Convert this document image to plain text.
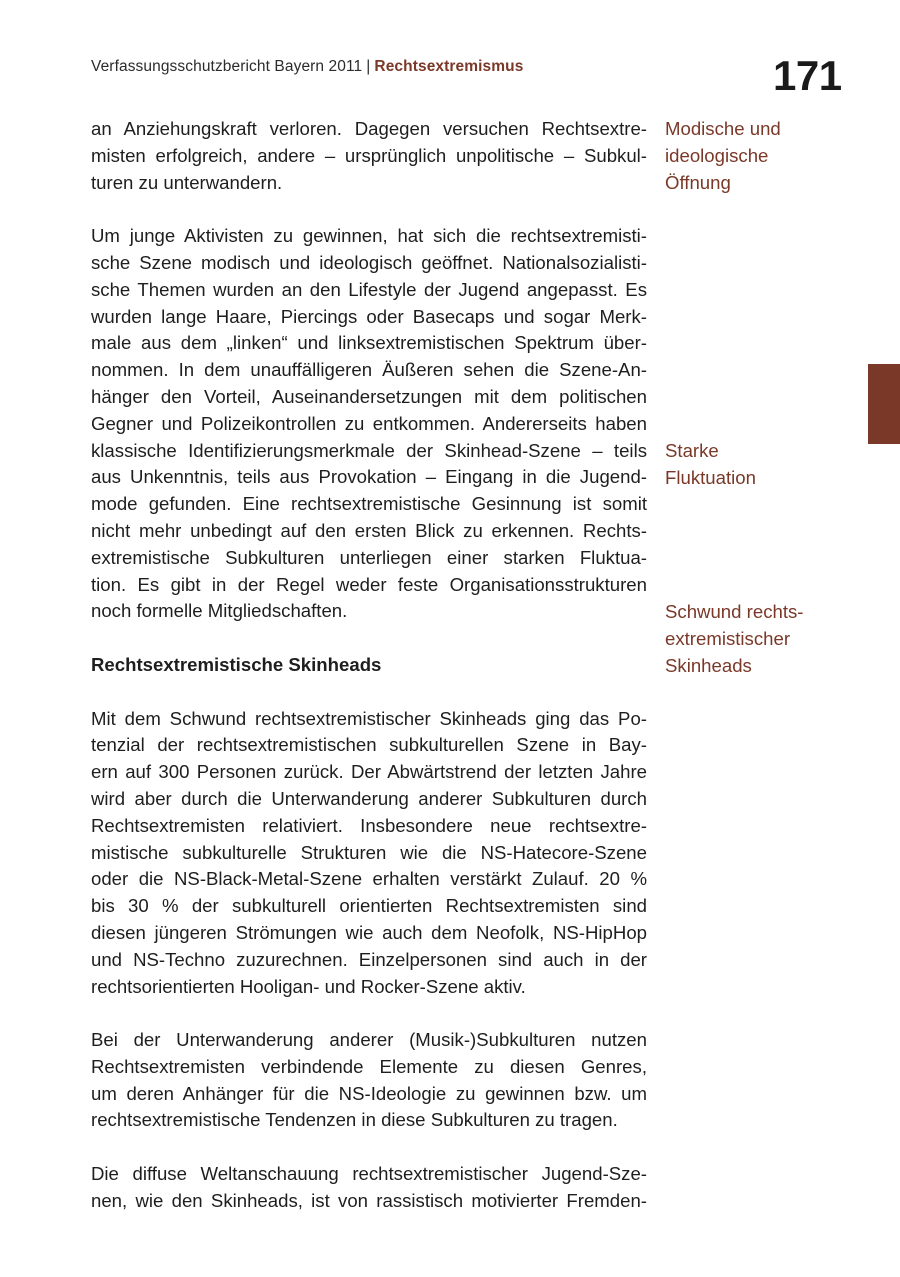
Verfassungsschutzbericht Bayern 2011 | Rechtsextremismus	171
an Anziehungskraft verloren. Dagegen versuchen Rechtsextre-
misten erfolgreich, andere – ursprünglich unpolitische – Subkul-
turen zu unterwandern.
Um junge Aktivisten zu gewinnen, hat sich die rechtsextremisti-
sche Szene modisch und ideologisch geöffnet. Nationalsozialisti-
sche Themen wurden an den Lifestyle der Jugend angepasst. Es
wurden lange Haare, Piercings oder Basecaps und sogar Merk-
male aus dem „linken“ und linksextremistischen Spektrum über-
nommen. In dem unauffälligeren Äußeren sehen die Szene-An-
hänger den Vorteil, Auseinandersetzungen mit dem politischen
Gegner und Polizeikontrollen zu entkommen. Andererseits haben
klassische Identifizierungsmerkmale der Skinhead-Szene – teils
aus Unkenntnis, teils aus Provokation – Eingang in die Jugend-
mode gefunden. Eine rechtsextremistische Gesinnung ist somit
nicht mehr unbedingt auf den ersten Blick zu erkennen. Rechts-
extremistische Subkulturen unterliegen einer starken Fluktua-
tion. Es gibt in der Regel weder feste Organisationsstrukturen
noch formelle Mitgliedschaften.
Rechtsextremistische Skinheads
Mit dem Schwund rechtsextremistischer Skinheads ging das Po-
tenzial der rechtsextremistischen subkulturellen Szene in Bay-
ern auf 300 Personen zurück. Der Abwärtstrend der letzten Jahre
wird aber durch die Unterwanderung anderer Subkulturen durch
Rechtsextremisten relativiert. Insbesondere neue rechtsextre-
mistische subkulturelle Strukturen wie die NS-Hatecore-Szene
oder die NS-Black-Metal-Szene erhalten verstärkt Zulauf. 20 %
bis 30 % der subkulturell orientierten Rechtsextremisten sind
diesen jüngeren Strömungen wie auch dem Neofolk, NS-HipHop
und NS-Techno zuzurechnen. Einzelpersonen sind auch in der
rechtsorientierten Hooligan- und Rocker-Szene aktiv.
Bei der Unterwanderung anderer (Musik-)Subkulturen nutzen
Rechtsextremisten verbindende Elemente zu diesen Genres,
um deren Anhänger für die NS-Ideologie zu gewinnen bzw. um
rechtsextremistische Tendenzen in diese Subkulturen zu tragen.
Die diffuse Weltanschauung rechtsextremistischer Jugend-Sze-
nen, wie den Skinheads, ist von rassistisch motivierter Fremden-
Modische und
ideologische
Öffnung
Starke
Fluktuation
Schwund rechts-
extremistischer
Skinheads
